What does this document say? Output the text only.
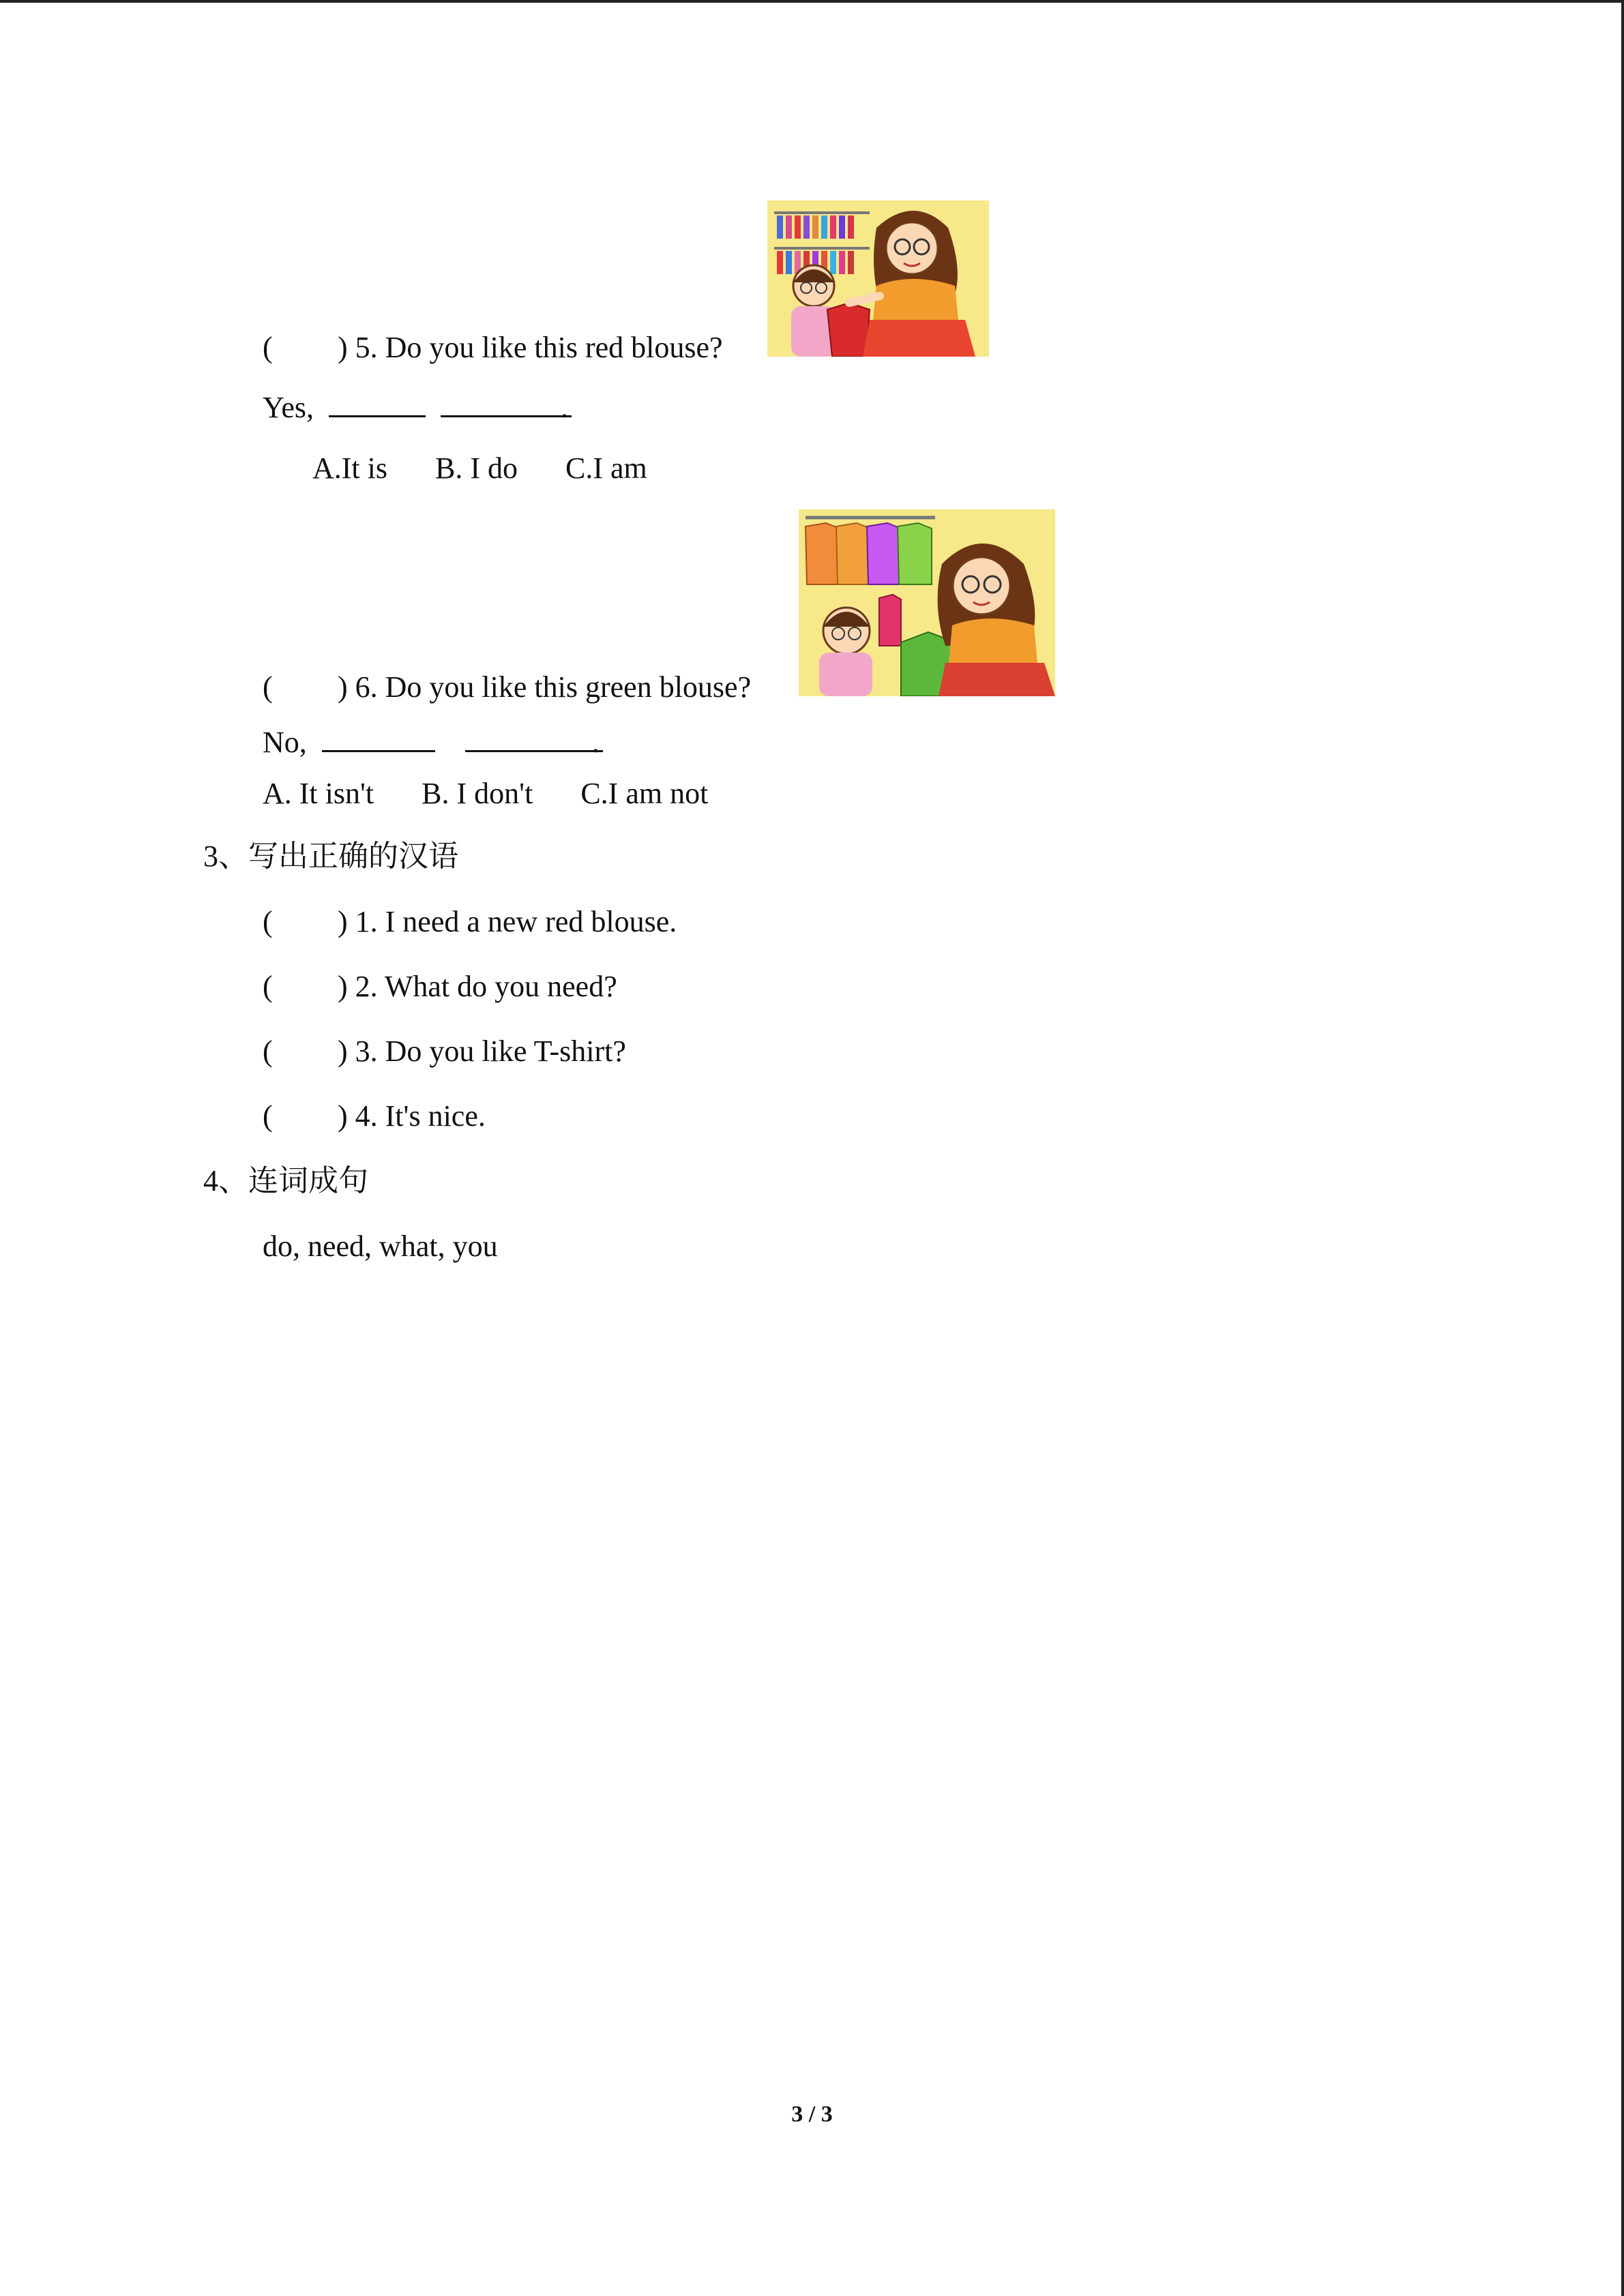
( ) 5. Do you like this red blouse?
Yes,	.
A.It is B. I do C.I am
( ) 6. Do you like this green blouse?
No,	.
A. It isn't B. I don't C.I am not
3、写出正确的汉语
( ) 1. I need a new red blouse.
( ) 2. What do you need?
( ) 3. Do you like T-shirt?
( ) 4. It's nice.
4、连词成句
do, need, what, you
3 / 3
